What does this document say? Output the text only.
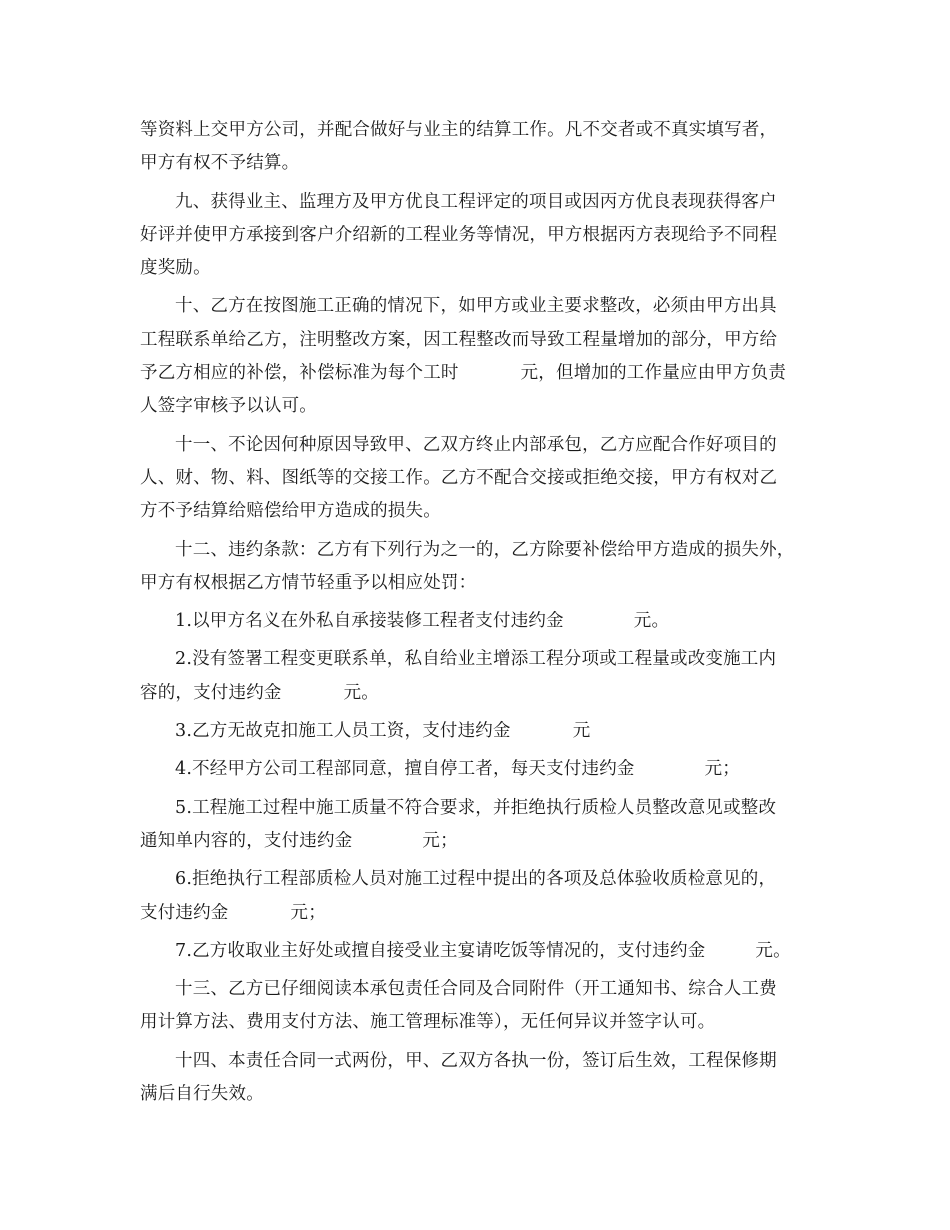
等资料上交甲方公司，并配合做好与业主的结算工作。凡不交者或不真实填写者，
甲方有权不予结算。

九、获得业主、监理方及甲方优良工程评定的项目或因丙方优良表现获得客户
好评并使甲方承接到客户介绍新的工程业务等情况，甲方根据丙方表现给予不同程
度奖励。

十、乙方在按图施工正确的情况下，如甲方或业主要求整改，必须由甲方出具
工程联系单给乙方，注明整改方案，因工程整改而导致工程量增加的部分，甲方给
予乙方相应的补偿，补偿标准为每个工时	元，但增加的工作量应由甲方负责
人签字审核予以认可。

十一、不论因何种原因导致甲、乙双方终止内部承包，乙方应配合作好项目的
人、财、物、料、图纸等的交接工作。乙方不配合交接或拒绝交接，甲方有权对乙
方不予结算给赔偿给甲方造成的损失。

十二、违约条款：乙方有下列行为之一的，乙方除要补偿给甲方造成的损失外，
甲方有权根据乙方情节轻重予以相应处罚：

1.以甲方名义在外私自承接装修工程者支付违约金	元。

2.没有签署工程变更联系单，私自给业主增添工程分项或工程量或改变施工内
容的，支付违约金	元。

3.乙方无故克扣施工人员工资，支付违约金	元

4.不经甲方公司工程部同意，擅自停工者，每天支付违约金	元；

5.工程施工过程中施工质量不符合要求，并拒绝执行质检人员整改意见或整改
通知单内容的，支付违约金	元；

6.拒绝执行工程部质检人员对施工过程中提出的各项及总体验收质检意见的，
支付违约金	元；

7.乙方收取业主好处或擅自接受业主宴请吃饭等情况的，支付违约金	元。

十三、乙方已仔细阅读本承包责任合同及合同附件（开工通知书、综合人工费
用计算方法、费用支付方法、施工管理标准等），无任何异议并签字认可。

十四、本责任合同一式两份，甲、乙双方各执一份，签订后生效，工程保修期
满后自行失效。
